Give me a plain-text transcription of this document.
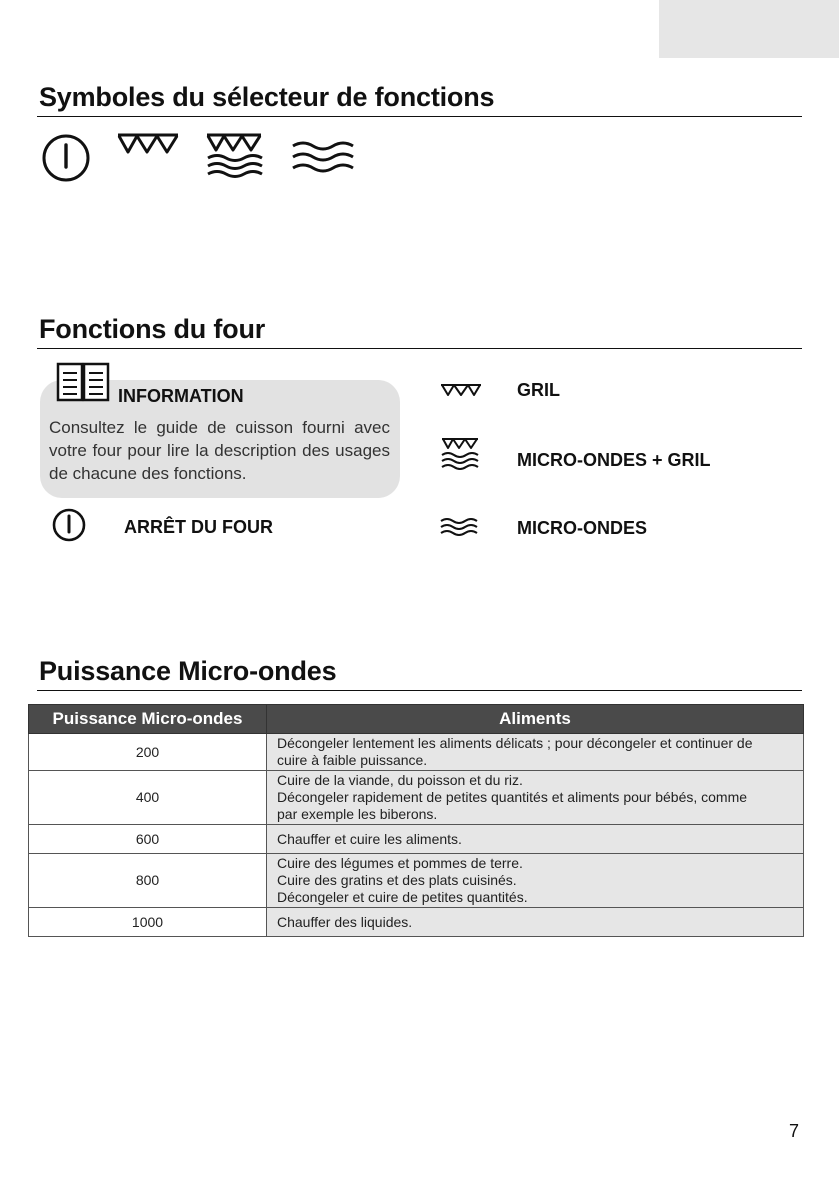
Symboles du sélecteur de fonctions
Fonctions du four
INFORMATION
Consultez le guide de cuisson fourni avec votre four pour lire la description des usages de chacune des fonctions.
ARRÊT DU FOUR
GRIL
MICRO-ONDES + GRIL
MICRO-ONDES
Puissance Micro-ondes
Puissance Micro-ondes	Aliments
200	Décongeler lentement les aliments délicats ; pour décongeler et continuer de
cuire à faible puissance.

400	Cuire de la viande, du poisson et du riz.
Décongeler rapidement de petites quantités et aliments pour bébés, comme
par exemple les biberons.

600	Chauffer et cuire les aliments.

800	Cuire des légumes et pommes de terre.
Cuire des gratins et des plats cuisinés.
Décongeler et cuire de petites quantités.

1000	Chauffer des liquides.
7
